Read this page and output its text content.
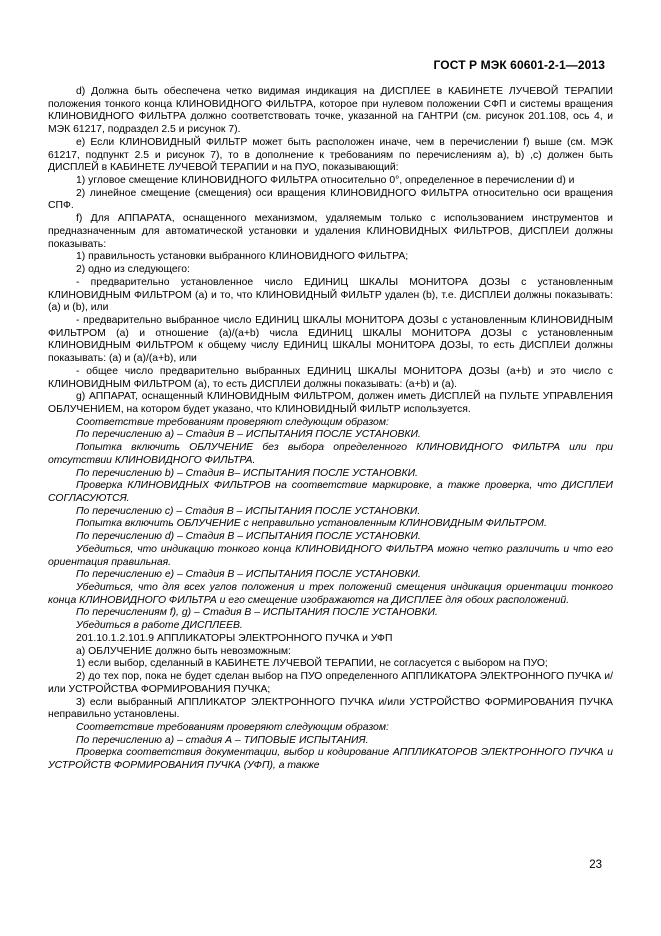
ГОСТ Р МЭК 60601-2-1—2013

d) Должна быть обеспечена четко видимая индикация на ДИСПЛЕЕ в КАБИНЕТЕ ЛУЧЕВОЙ ТЕРАПИИ положения тонкого конца КЛИНОВИДНОГО ФИЛЬТРА, которое при нулевом положении СФП и системы вращения КЛИНОВИДНОГО ФИЛЬТРА должно соответствовать точке, указанной на ГАНТРИ (см. рисунок 201.108, ось 4, и МЭК 61217, подраздел 2.5 и рисунок 7).

e) Если КЛИНОВИДНЫЙ ФИЛЬТР может быть расположен иначе, чем в перечислении f) выше (см. МЭК 61217, подпункт 2.5 и рисунок 7), то в дополнение к требованиям по перечислениям a), b) ,c) должен быть ДИСПЛЕЙ в КАБИНЕТЕ ЛУЧЕВОЙ ТЕРАПИИ и на ПУО, показывающий:

1) угловое смещение КЛИНОВИДНОГО ФИЛЬТРА относительно 0°, определенное в перечислении d) и

2) линейное смещение (смещения) оси вращения КЛИНОВИДНОГО ФИЛЬТРА относительно оси вращения СПФ.

f) Для АППАРАТА, оснащенного механизмом, удаляемым только с использованием инструментов и предназначенным для автоматической установки и удаления КЛИНОВИДНЫХ ФИЛЬТРОВ, ДИСПЛЕИ должны показывать:

1) правильность установки выбранного КЛИНОВИДНОГО ФИЛЬТРА;

2) одно из следующего:

- предварительно установленное число ЕДИНИЦ ШКАЛЫ МОНИТОРА ДОЗЫ с установленным КЛИНОВИДНЫМ ФИЛЬТРОМ (а) и то, что КЛИНОВИДНЫЙ ФИЛЬТР удален (b), т.е. ДИСПЛЕИ должны показывать: (а) и (b), или

- предварительно выбранное число ЕДИНИЦ ШКАЛЫ МОНИТОРА ДОЗЫ с установленным КЛИНОВИДНЫМ ФИЛЬТРОМ (а) и отношение (а)/(а+b) числа ЕДИНИЦ ШКАЛЫ МОНИТОРА ДОЗЫ с установленным КЛИНОВИДНЫМ ФИЛЬТРОМ к общему числу ЕДИНИЦ ШКАЛЫ МОНИТОРА ДОЗЫ, то есть ДИСПЛЕИ должны показывать: (а) и (а)/(а+b), или

- общее число предварительно выбранных ЕДИНИЦ ШКАЛЫ МОНИТОРА ДОЗЫ (а+b) и это число с КЛИНОВИДНЫМ ФИЛЬТРОМ (а), то есть ДИСПЛЕИ должны показывать: (а+b) и (а).

g) АППАРАТ, оснащенный КЛИНОВИДНЫМ ФИЛЬТРОМ, должен иметь ДИСПЛЕЙ на ПУЛЬТЕ УПРАВЛЕНИЯ ОБЛУЧЕНИЕМ, на котором будет указано, что КЛИНОВИДНЫЙ ФИЛЬТР используется.

Соответствие требованиям проверяют следующим образом:

По перечислению a) – Стадия В – ИСПЫТАНИЯ ПОСЛЕ УСТАНОВКИ.

Попытка включить ОБЛУЧЕНИЕ без выбора определенного КЛИНОВИДНОГО ФИЛЬТРА или при отсутствии КЛИНОВИДНОГО ФИЛЬТРА.

По перечислению b) – Стадия В– ИСПЫТАНИЯ ПОСЛЕ УСТАНОВКИ.

Проверка КЛИНОВИДНЫХ ФИЛЬТРОВ на соответствие маркировке, а также проверка, что ДИСПЛЕИ СОГЛАСУЮТСЯ.

По перечислению c) – Стадия В – ИСПЫТАНИЯ ПОСЛЕ УСТАНОВКИ.

Попытка включить ОБЛУЧЕНИЕ с неправильно установленным КЛИНОВИДНЫМ ФИЛЬТРОМ.

По перечислению d) – Стадия В – ИСПЫТАНИЯ ПОСЛЕ УСТАНОВКИ.

Убедиться, что индикацию тонкого конца КЛИНОВИДНОГО ФИЛЬТРА можно четко различить и что его ориентация правильная.

По перечислению e) – Стадия В – ИСПЫТАНИЯ ПОСЛЕ УСТАНОВКИ.

Убедиться, что для всех углов положения и трех положений смещения индикация ориентации тонкого конца КЛИНОВИДНОГО ФИЛЬТРА и его смещение изображаются на ДИСПЛЕЕ для обоих расположений.

По перечислениям f), g) – Стадия В – ИСПЫТАНИЯ ПОСЛЕ УСТАНОВКИ.

Убедиться в работе ДИСПЛЕЕВ.

201.10.1.2.101.9 АППЛИКАТОРЫ ЭЛЕКТРОННОГО ПУЧКА и УФП

а) ОБЛУЧЕНИЕ должно быть невозможным:

1) если выбор, сделанный в КАБИНЕТЕ ЛУЧЕВОЙ ТЕРАПИИ, не согласуется с выбором на ПУО;

2) до тех пор, пока не будет сделан выбор на ПУО определенного АППЛИКАТОРА ЭЛЕКТРОННОГО ПУЧКА и/или УСТРОЙСТВА ФОРМИРОВАНИЯ ПУЧКА;

3) если выбранный АППЛИКАТОР ЭЛЕКТРОННОГО ПУЧКА и/или УСТРОЙСТВО ФОРМИРОВАНИЯ ПУЧКА неправильно установлены.

Соответствие требованиям проверяют следующим образом:

По перечислению а) – стадия А – ТИПОВЫЕ ИСПЫТАНИЯ.

Проверка соответствия документации, выбор и кодирование АППЛИКАТОРОВ ЭЛЕКТРОННОГО ПУЧКА и УСТРОЙСТВ ФОРМИРОВАНИЯ ПУЧКА (УФП), а также

23
